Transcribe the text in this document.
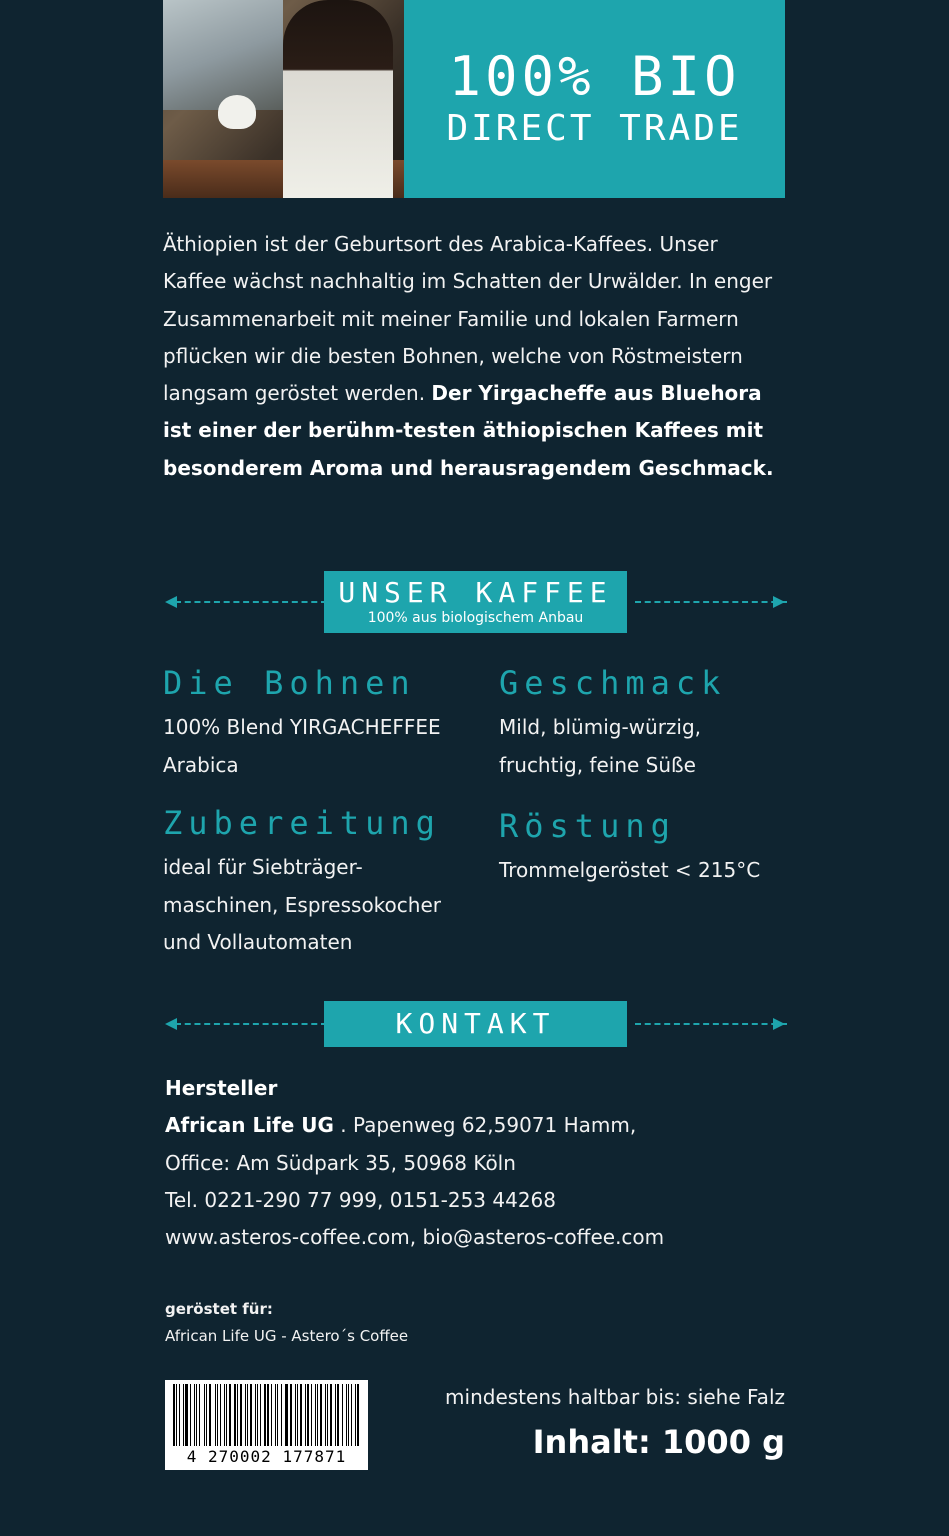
100% BIO
DIRECT TRADE
Äthiopien ist der Geburtsort des Arabica-Kaffees. Unser Kaffee wächst nachhaltig im Schatten der Urwälder. In enger Zusammenarbeit mit meiner Familie und lokalen Farmern pflücken wir die besten Bohnen, welche von Röstmeistern langsam geröstet werden. Der Yirgacheffe aus Bluehora ist einer der berühm-testen äthiopischen Kaffees mit besonderem Aroma und herausragendem Geschmack.
UNSER KAFFEE
100% aus biologischem Anbau
Die Bohnen
100% Blend YIRGACHEFFEE Arabica
Geschmack
Mild, blümig-würzig, fruchtig, feine Süße
Zubereitung
ideal für Siebträger-maschinen, Espressokocher und Vollautomaten
Röstung
Trommelgeröstet < 215°C
KONTAKT
Hersteller
African Life UG . Papenweg 62,59071 Hamm,
Office: Am Südpark 35, 50968 Köln
Tel. 0221-290 77 999, 0151-253 44268
www.asteros-coffee.com, bio@asteros-coffee.com
geröstet für:
African Life UG - Astero´s Coffee
4 270002 177871
mindestens haltbar bis: siehe Falz
Inhalt: 1000 g
